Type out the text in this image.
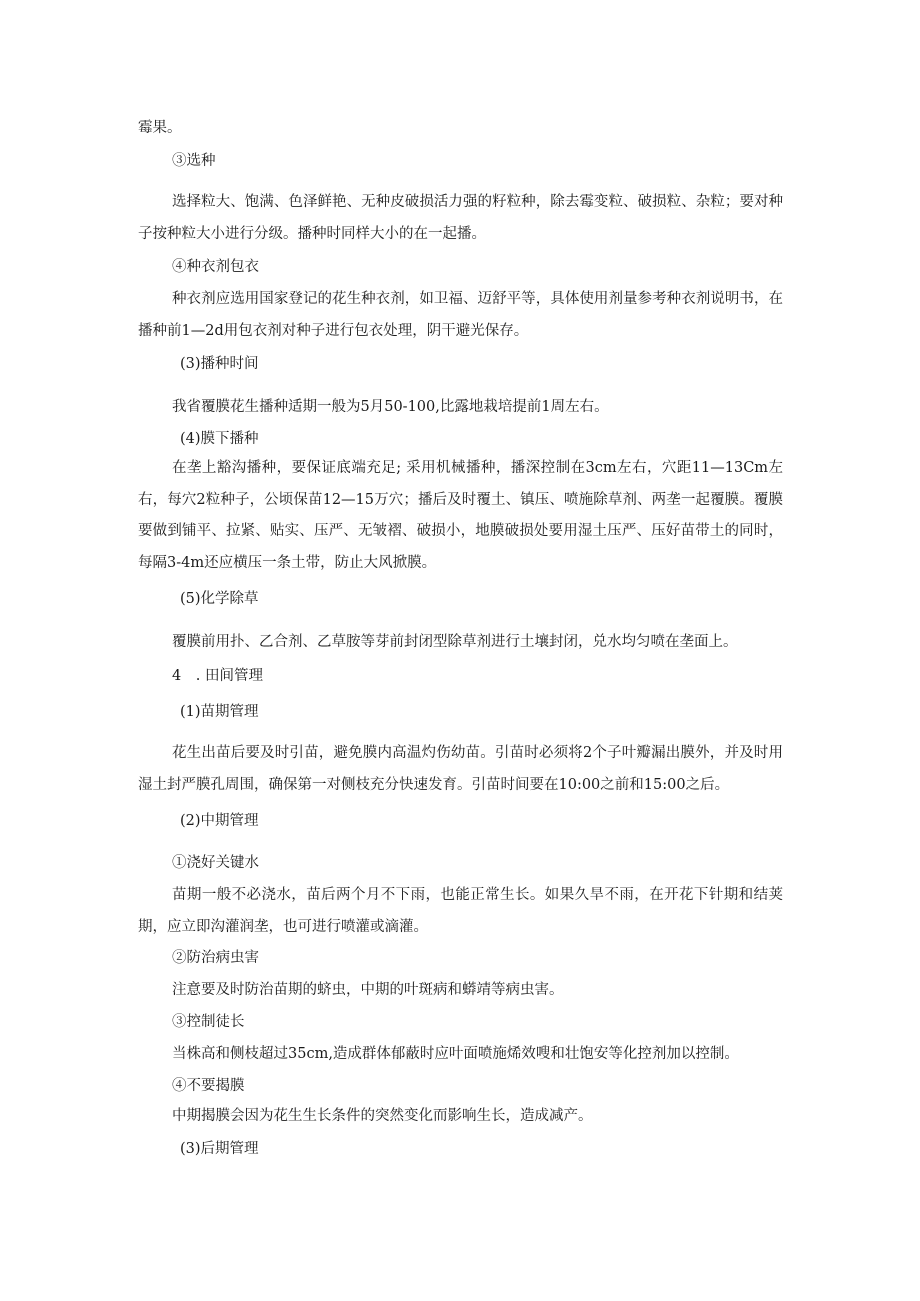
霉果。
③选种
选择粒大、饱满、色泽鲜艳、无种皮破损活力强的籽粒种，除去霉变粒、破损粒、杂粒；要对种子按种粒大小进行分级。播种时同样大小的在一起播。
④种衣剂包衣
种衣剂应选用国家登记的花生种衣剂，如卫福、迈舒平等，具体使用剂量参考种衣剂说明书，在播种前1—2d用包衣剂对种子进行包衣处理，阴干避光保存。
(3)播种时间
我省覆膜花生播种适期一般为5月50-100,比露地栽培提前1周左右。
(4)膜下播种
在垄上豁沟播种，要保证底端充足; 采用机械播种，播深控制在3cm左右，穴距11—13Cm左右，每穴2粒种子，公顷保苗12—15万穴；播后及时覆土、镇压、喷施除草剂、两垄一起覆膜。覆膜要做到铺平、拉紧、贴实、压严、无皱褶、破损小，地膜破损处要用湿土压严、压好苗带土的同时，每隔3-4m还应横压一条土带，防止大风掀膜。
(5)化学除草
覆膜前用扑、乙合剂、乙草胺等芽前封闭型除草剂进行土壤封闭，兑水均匀喷在垄面上。
4　. 田间管理
(1)苗期管理
花生出苗后要及时引苗，避免膜内高温灼伤幼苗。引苗时必须将2个子叶瓣漏出膜外，并及时用湿土封严膜孔周围，确保第一对侧枝充分快速发育。引苗时间要在10:00之前和15:00之后。
(2)中期管理
①浇好关键水
苗期一般不必浇水，苗后两个月不下雨，也能正常生长。如果久旱不雨，在开花下针期和结荚期，应立即沟灌润垄，也可进行喷灌或滴灌。
②防治病虫害
注意要及时防治苗期的蛴虫，中期的叶斑病和蟒靖等病虫害。
③控制徒长
当株高和侧枝超过35cm,造成群体郁蔽时应叶面喷施烯效嗖和壮饱安等化控剂加以控制。
④不要揭膜
中期揭膜会因为花生生长条件的突然变化而影响生长，造成减产。
(3)后期管理
